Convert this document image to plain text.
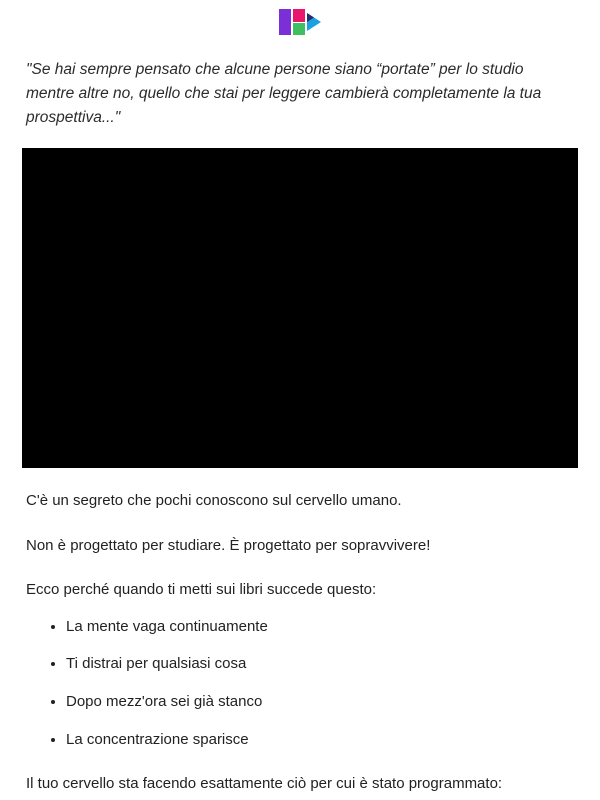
"Se hai sempre pensato che alcune persone siano “portate” per lo studio mentre altre no, quello che stai per leggere cambierà completamente la tua prospettiva..."

C'è un segreto che pochi conoscono sul cervello umano.

Non è progettato per studiare. È progettato per sopravvivere!

Ecco perché quando ti metti sui libri succede questo:

• La mente vaga continuamente
• Ti distrai per qualsiasi cosa
• Dopo mezz'ora sei già stanco
• La concentrazione sparisce

Il tuo cervello sta facendo esattamente ciò per cui è stato programmato:
